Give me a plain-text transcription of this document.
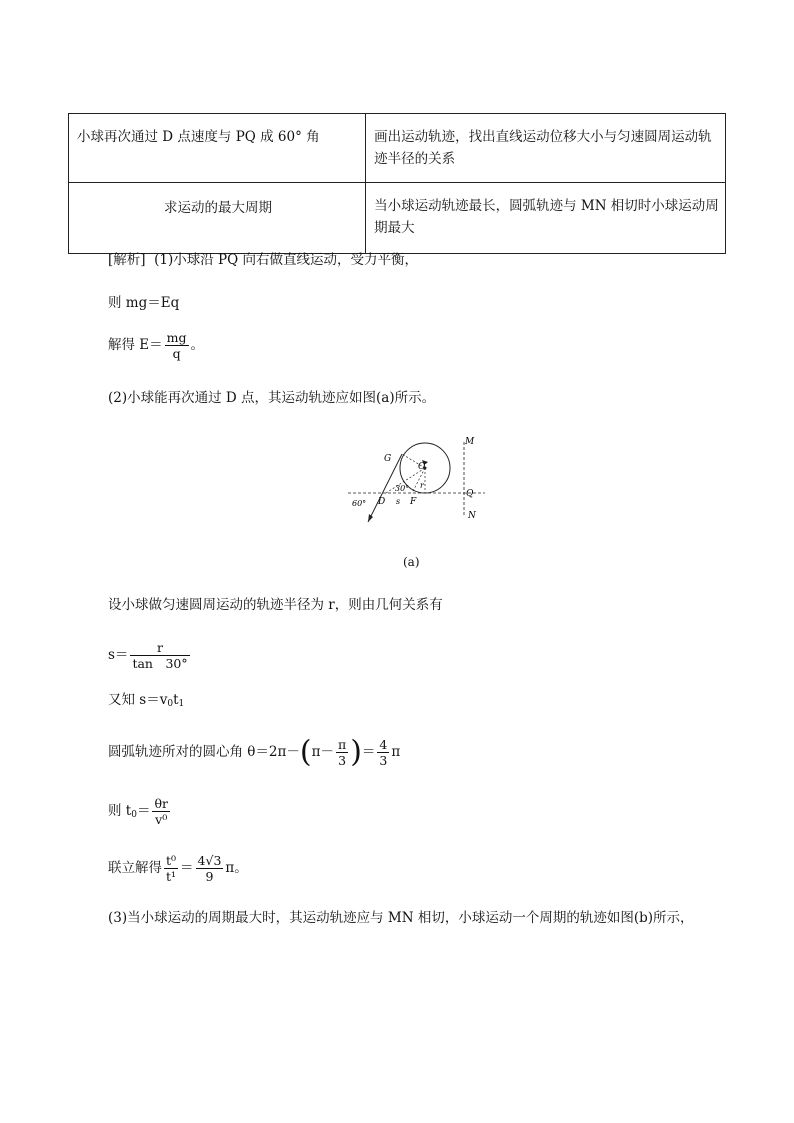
小球再次通过 D 点速度与 PQ 成 60° 角	画出运动轨迹，找出直线运动位移大小与匀速圆周运动轨迹半径的关系

求运动的最大周期	当小球运动轨迹最长，圆弧轨迹与 MN 相切时小球运动周期最大
[解析] (1)小球沿 PQ 向右做直线运动，受力平衡，
则 mg＝Eq
解得 $E= \frac{mg}{q}$ 。
(2)小球能再次通过 D 点，其运动轨迹应如图(a)所示。
G
O′
r
30°
60° D s F
M
Q
N
(a)
设小球做匀速圆周运动的轨迹半径为 r，则由几何关系有
$s= \frac{r}{\tan 30^\circ}$
又知 $s=v_0t_1$
圆弧轨迹所对的圆心角 $\theta=2\pi-(\pi- \frac{\pi}{3}$ )＝ $\frac{4}{3}$ π
则 $t_0= \frac{\theta r}{\text{v⁰}}$
联立解得 $\frac{\text{t⁰}}{\text{t¹}} = \frac{4√3}{9}$ π。
(3)当小球运动的周期最大时，其运动轨迹应与 MN 相切，小球运动一个周期的轨迹如图(b)所示，
